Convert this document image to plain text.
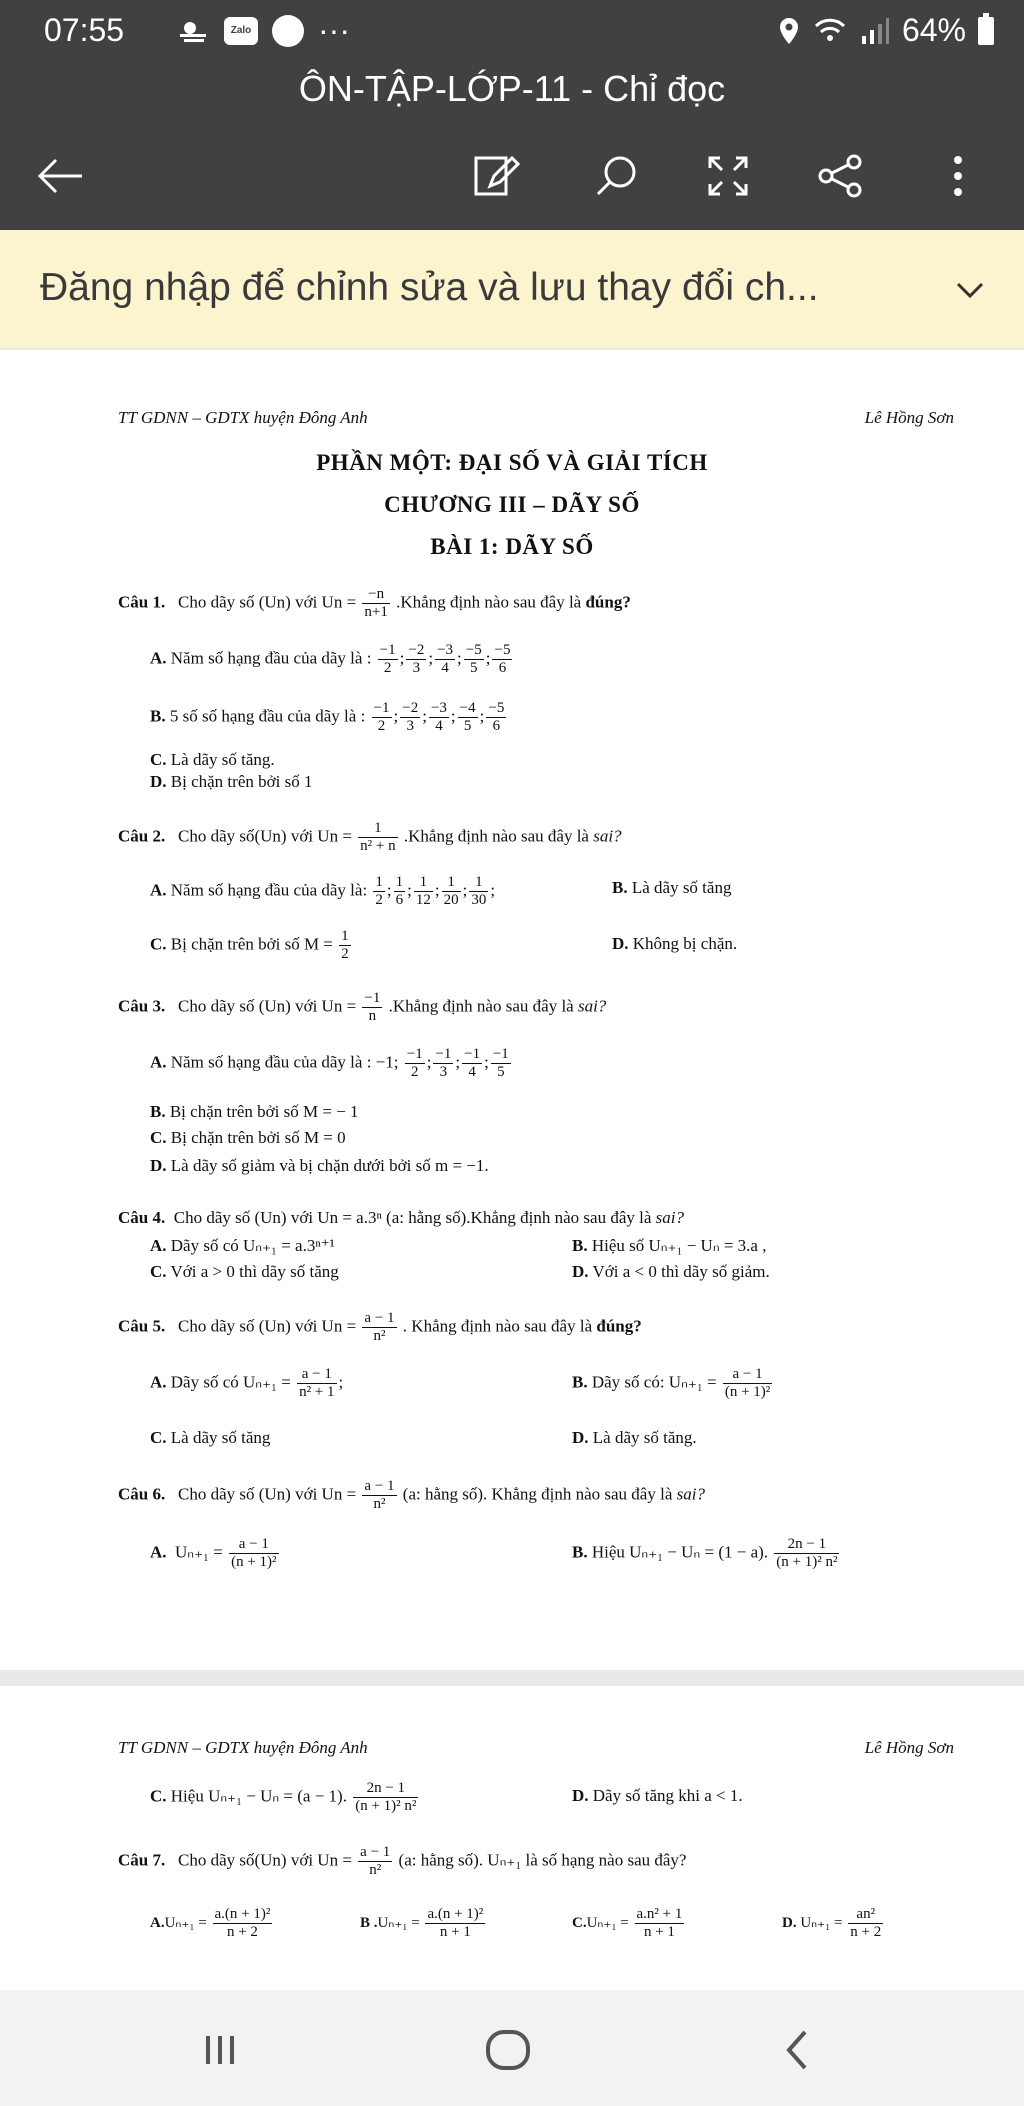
07:55	Zalo ···	64%
ÔN-TẬP-LỚP-11 - Chỉ đọc
Đăng nhập để chỉnh sửa và lưu thay đổi ch...
TT GDNN – GDTX huyện Đông Anh	Lê Hồng Sơn
PHẦN MỘT: ĐẠI SỐ VÀ GIẢI TÍCH
CHƯƠNG III – DÃY SỐ
BÀI 1: DÃY SỐ
Câu 1. Cho dãy số (Un) với $Un = \frac{-n}{n+1}$ .Khẳng định nào sau đây là đúng?
A. Năm số hạng đầu của dãy là : $\frac{-1}{2}$ ; $\frac{-2}{3}$ ; $\frac{-3}{4}$ ; $\frac{-5}{5}$ ; $\frac{-5}{6}$
B. 5 số số hạng đầu của dãy là : $\frac{-1}{2}$ ; $\frac{-2}{3}$ ; $\frac{-3}{4}$ ; $\frac{-4}{5}$ ; $\frac{-5}{6}$
C. Là dãy số tăng.
D. Bị chặn trên bởi số 1
Câu 2. Cho dãy số(Un) với $Un = \frac{1}{\text{n² + n}}$ .Khẳng định nào sau đây là sai?
A. Năm số hạng đầu của dãy là: $\frac{1}{2}$ ; $\frac{1}{6}$ ; $\frac{1}{12}$ ; $\frac{1}{20}$ ; $\frac{1}{30}$ ;	B. Là dãy số tăng
C. Bị chặn trên bởi số $M = \frac{1}{2}$	D. Không bị chặn.
Câu 3. Cho dãy số (Un) với $Un = \frac{-1}{n}$ .Khẳng định nào sau đây là sai?
A. Năm số hạng đầu của dãy là : −1; $\frac{-1}{2}$ ; $\frac{-1}{3}$ ; $\frac{-1}{4}$ ; $\frac{-1}{5}$
B. Bị chặn trên bởi số M = − 1
C. Bị chặn trên bởi số M = 0
D. Là dãy số giảm và bị chặn dưới bởi số m = −1.
Câu 4. Cho dãy số (Un) với Un = a.3ⁿ (a: hằng số).Khẳng định nào sau đây là sai?
A. Dãy số có Uₙ₊₁ = a.3ⁿ⁺¹	B. Hiệu số Uₙ₊₁ − Uₙ = 3.a ,
C. Với a > 0 thì dãy số tăng	D. Với a < 0 thì dãy số giảm.
Câu 5. Cho dãy số (Un) với $Un = \frac{a - 1}{\text{n²}}$ . Khẳng định nào sau đây là đúng?
A. Dãy số có $U_{n+1} = \frac{a - 1}{\text{n² + 1}}$ ;	B. Dãy số có: $U_{n+1} = \frac{a - 1}{\text{(n + 1)²}}$
C. Là dãy số tăng	D. Là dãy số tăng.
Câu 6. Cho dãy số (Un) với $Un = \frac{a - 1}{\text{n²}} (a$: hằng số). Khẳng định nào sau đây là sai?
A. $U_{n+1} = \frac{a - 1}{\text{(n + 1)²}}$	B. Hiệu Uₙ₊₁ − Uₙ = (1 − a). $\frac{2n - 1}{\text{(n + 1)² n²}}$
TT GDNN – GDTX huyện Đông Anh	Lê Hồng Sơn
C. Hiệu Uₙ₊₁ − Uₙ = (a − 1). $\frac{2n - 1}{\text{(n + 1)² n²}}$	D. Dãy số tăng khi a < 1.
Câu 7. Cho dãy số(Un) với $Un = \frac{a - 1}{\text{n²}} (a$: hằng số). Uₙ₊₁ là số hạng nào sau đây?
$A.U_{n+1} = \frac{\text{a.(n + 1)²}}{n + 2}$	B $.U_{n+1} = \frac{\text{a.(n + 1)²}}{n + 1}$	$C.U_{n+1} = \frac{\text{a.n² + 1}}{n + 1}$	D. $U_{n+1} = \frac{\text{an²}}{n + 2}$
